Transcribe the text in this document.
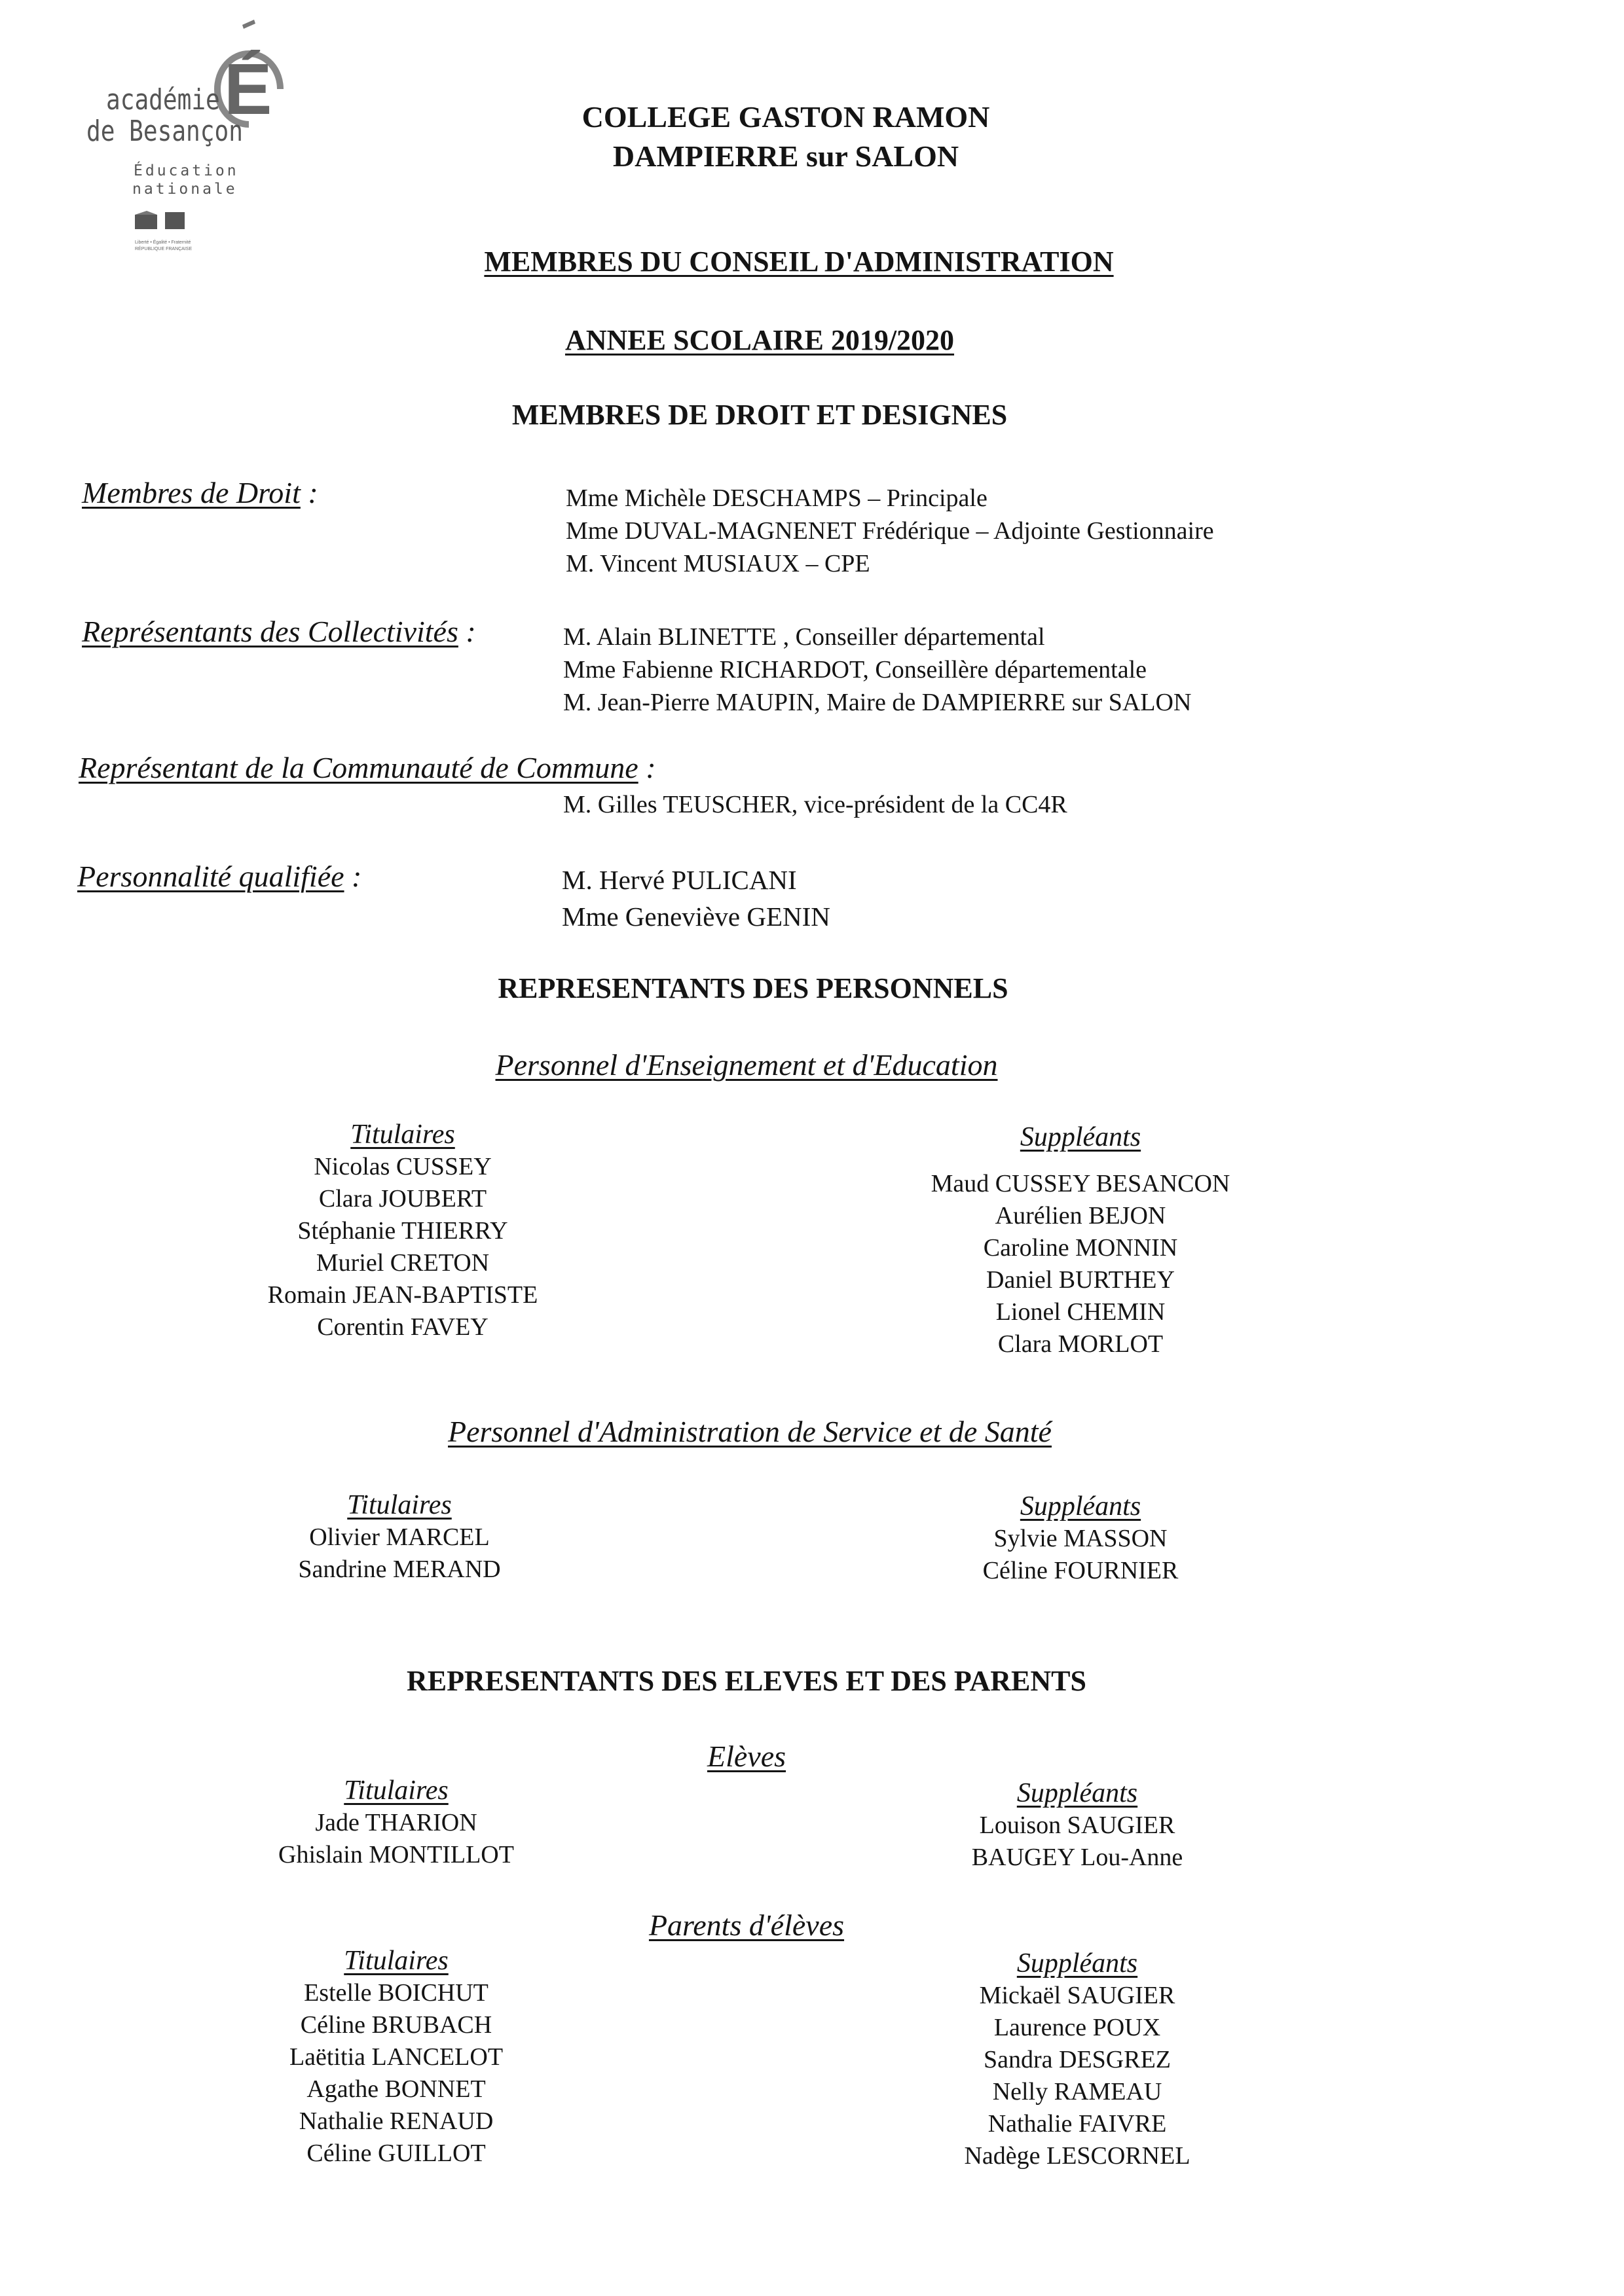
É
académie
de Besançon
Éducation
nationale
Liberté • Égalité • Fraternité
RÉPUBLIQUE FRANÇAISE
COLLEGE GASTON RAMON
DAMPIERRE sur SALON
MEMBRES DU CONSEIL D'ADMINISTRATION
ANNEE SCOLAIRE 2019/2020
MEMBRES DE DROIT ET DESIGNES
Membres de Droit :	Mme Michèle DESCHAMPS – Principale
Mme DUVAL-MAGNENET Frédérique – Adjointe Gestionnaire
M. Vincent MUSIAUX – CPE
Représentants des Collectivités :	M. Alain BLINETTE , Conseiller départemental
Mme Fabienne RICHARDOT, Conseillère départementale
M. Jean-Pierre MAUPIN, Maire de DAMPIERRE sur SALON
Représentant de la Communauté de Commune :
M. Gilles TEUSCHER, vice-président de la CC4R
Personnalité qualifiée :	M. Hervé PULICANI
Mme Geneviève GENIN
REPRESENTANTS DES PERSONNELS
Personnel d'Enseignement et d'Education
Titulaires
Nicolas CUSSEY
Clara JOUBERT
Stéphanie THIERRY
Muriel CRETON
Romain JEAN-BAPTISTE
Corentin FAVEY
Suppléants
Maud CUSSEY BESANCON
Aurélien BEJON
Caroline MONNIN
Daniel BURTHEY
Lionel CHEMIN
Clara MORLOT
Personnel d'Administration de Service et de Santé
Titulaires
Olivier MARCEL
Sandrine MERAND
Suppléants
Sylvie MASSON
Céline FOURNIER
REPRESENTANTS DES ELEVES ET DES PARENTS
Elèves
Titulaires
Jade THARION
Ghislain MONTILLOT
Suppléants
Louison SAUGIER
BAUGEY Lou-Anne
Parents d'élèves
Titulaires
Estelle BOICHUT
Céline BRUBACH
Laëtitia LANCELOT
Agathe BONNET
Nathalie RENAUD
Céline GUILLOT
Suppléants
Mickaël SAUGIER
Laurence POUX
Sandra DESGREZ
Nelly RAMEAU
Nathalie FAIVRE
Nadège LESCORNEL
